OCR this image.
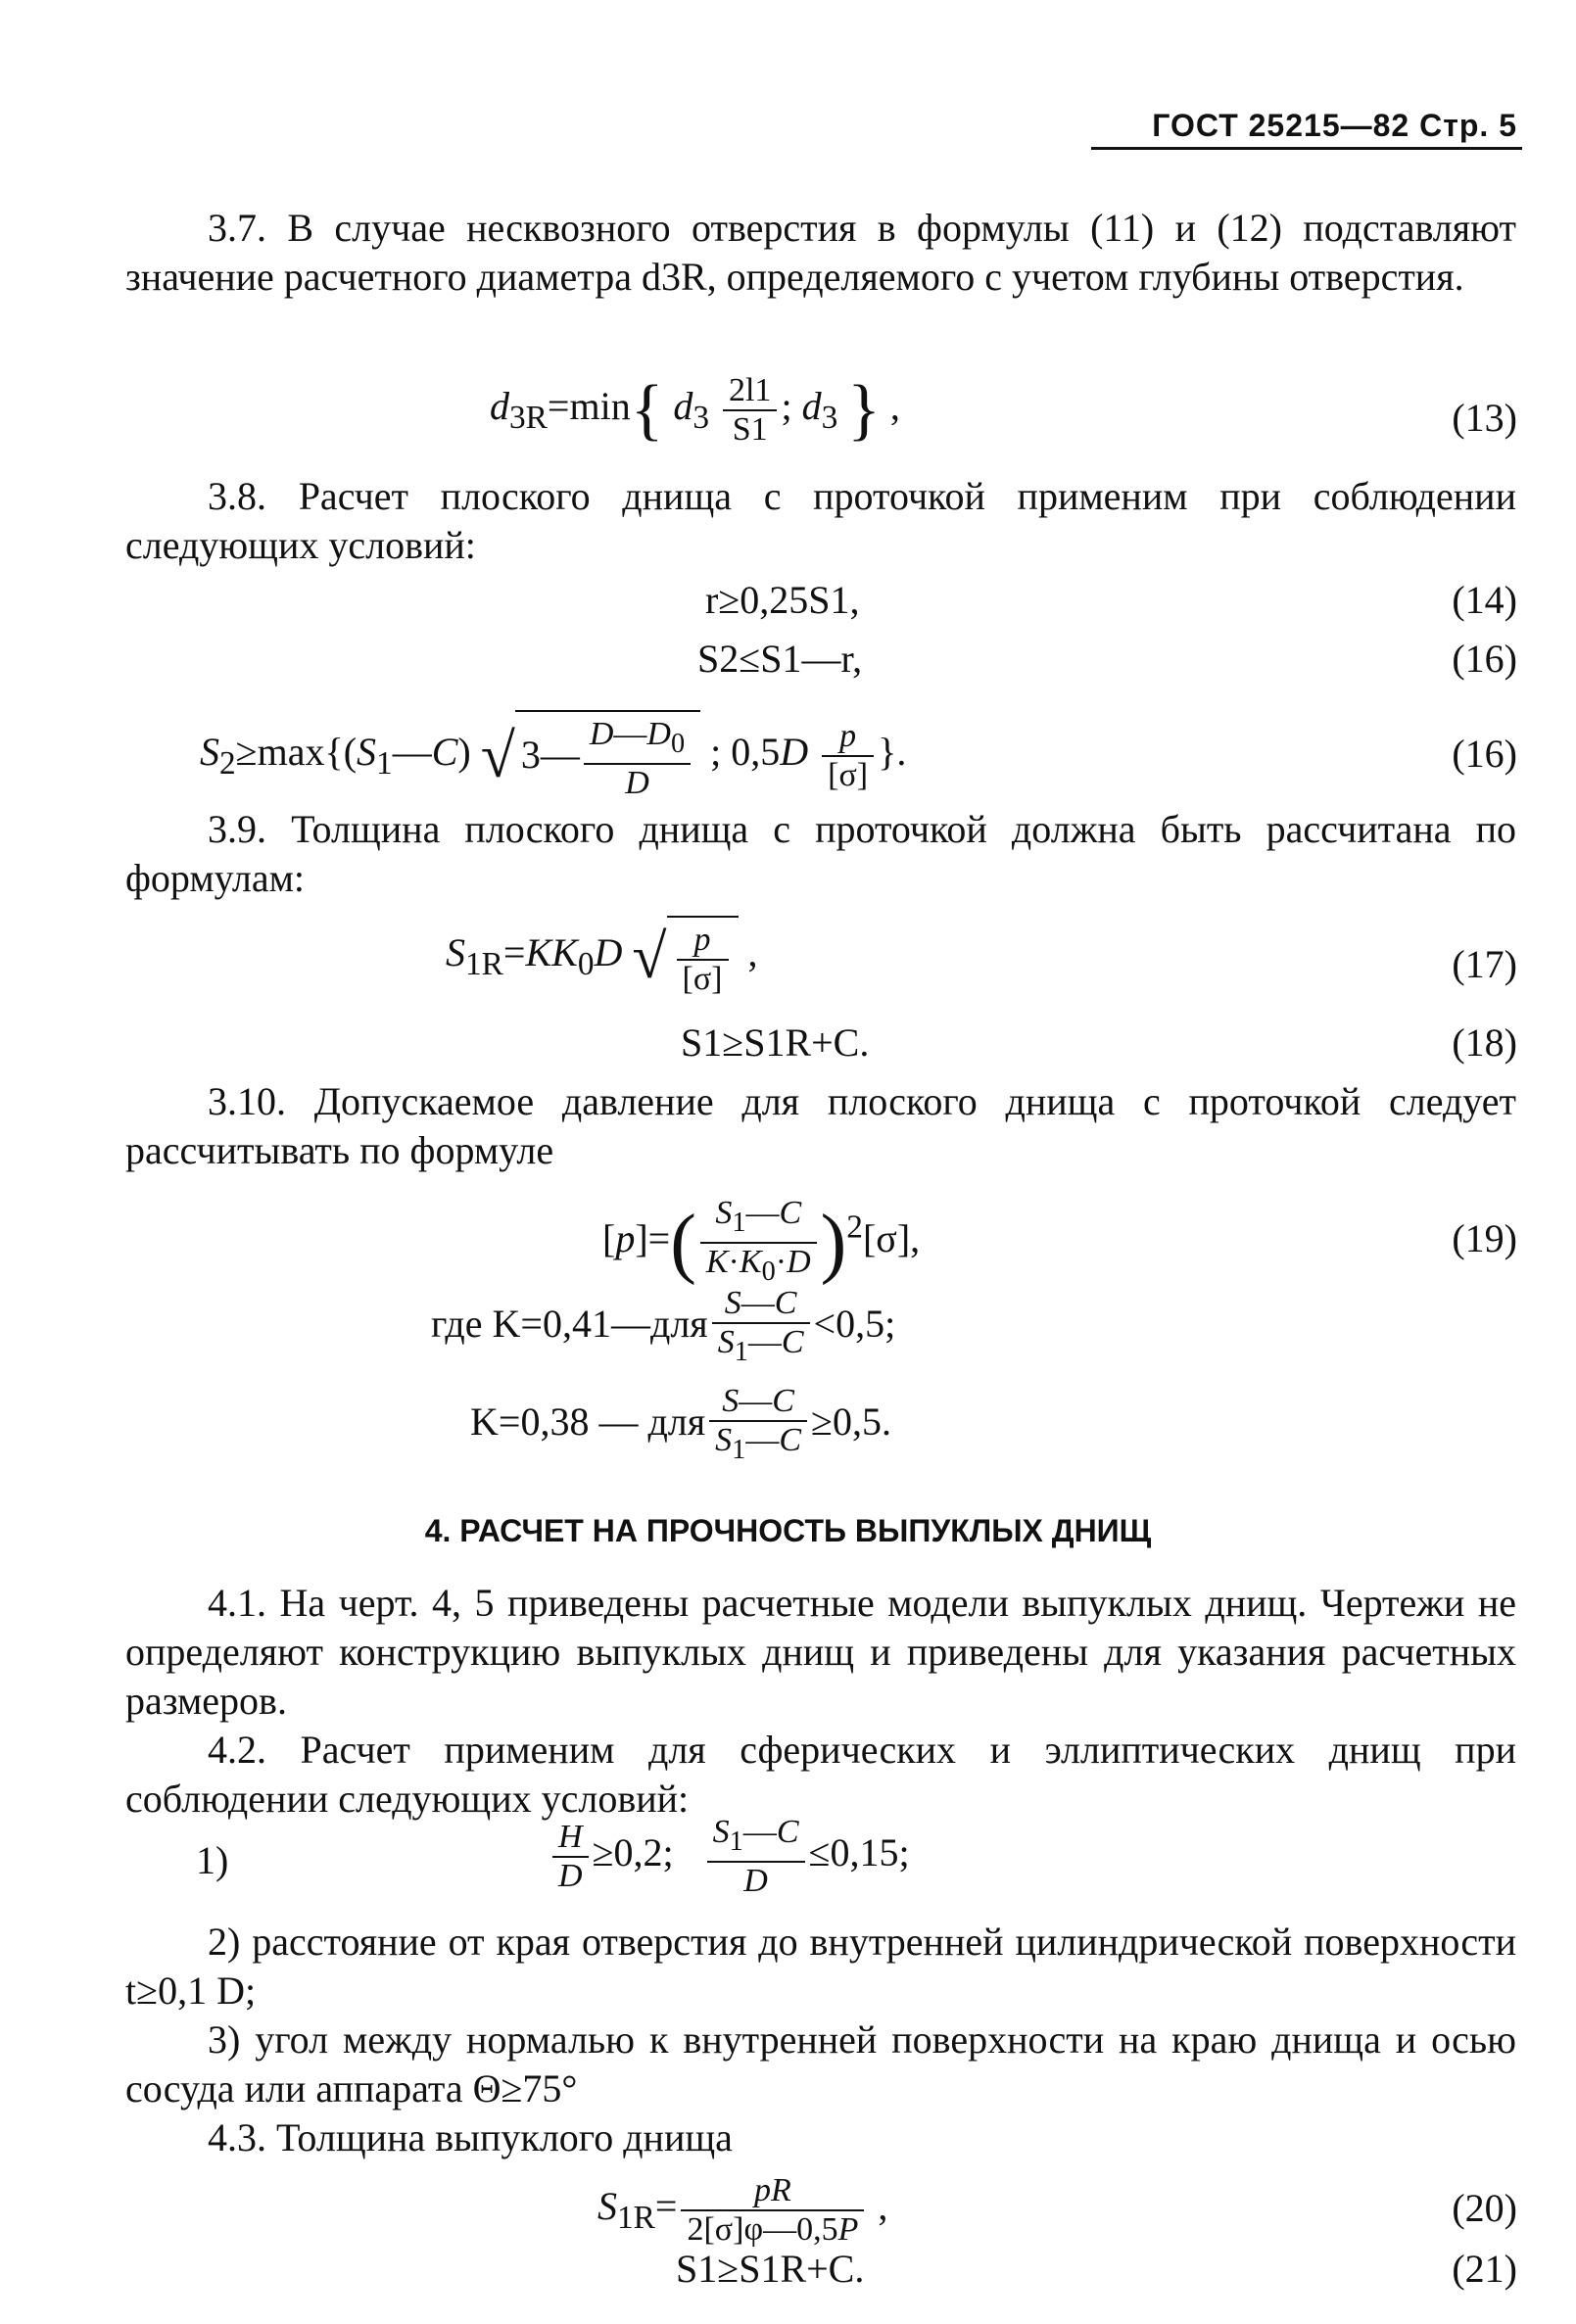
ГОСТ 25215—82 Стр. 5
3.7. В случае несквозного отверстия в формулы (11) и (12) подставляют значение расчетного диаметра d3R, определяемого с учетом глубины отверстия.
$d_{3R}=\min${ $d_3 \frac{2l1}{S1}$ ; $d_3$ } ,	(13)
3.8. Расчет плоского днища с проточкой применим при соблюдении следующих условий:
r≥0,25S1,	(14)
S2≤S1—r,	(16)
$S_2\ge\max\{(S_1—C)$ √ 3— $\frac{D—D_0}{D}$ ; $0,5D \frac{p}{[\sigma]}$ }.	(16)
3.9. Толщина плоского днища с проточкой должна быть рассчитана по формулам:
$S_{1R}=KK_0D$ √ $\frac{p}{[\sigma]}$ ,	(17)
S1≥S1R+C.	(18)
3.10. Допускаемое давление для плоского днища с проточкой следует рассчитывать по формуле
$[p]=( \frac{S_1—C}{K\cdot K_0\cdot D} )^2[\sigma]$,	(19)
где K=0,41—для $\frac{S—C}{S_1—C} <0,5$;
K=0,38 — для $\frac{S—C}{S_1—C} \ge 0,5$.
4. РАСЧЕТ НА ПРОЧНОСТЬ ВЫПУКЛЫХ ДНИЩ
4.1. На черт. 4, 5 приведены расчетные модели выпуклых днищ. Чертежи не определяют конструкцию выпуклых днищ и приведены для указания расчетных размеров.
4.2. Расчет применим для сферических и эллиптических днищ при соблюдении следующих условий:
1)	$\frac{H}{D} \ge 0,2$; $\frac{S_1—C}{D} \le 0,15$;
2) расстояние от края отверстия до внутренней цилиндрической поверхности t≥0,1 D;
3) угол между нормалью к внутренней поверхности на краю днища и осью сосуда или аппарата Θ≥75°
4.3. Толщина выпуклого днища
$S_{1R}= \frac{pR}{2[\sigma]\varphi—0,5P}$ ,	(20)
S1≥S1R+C.	(21)
